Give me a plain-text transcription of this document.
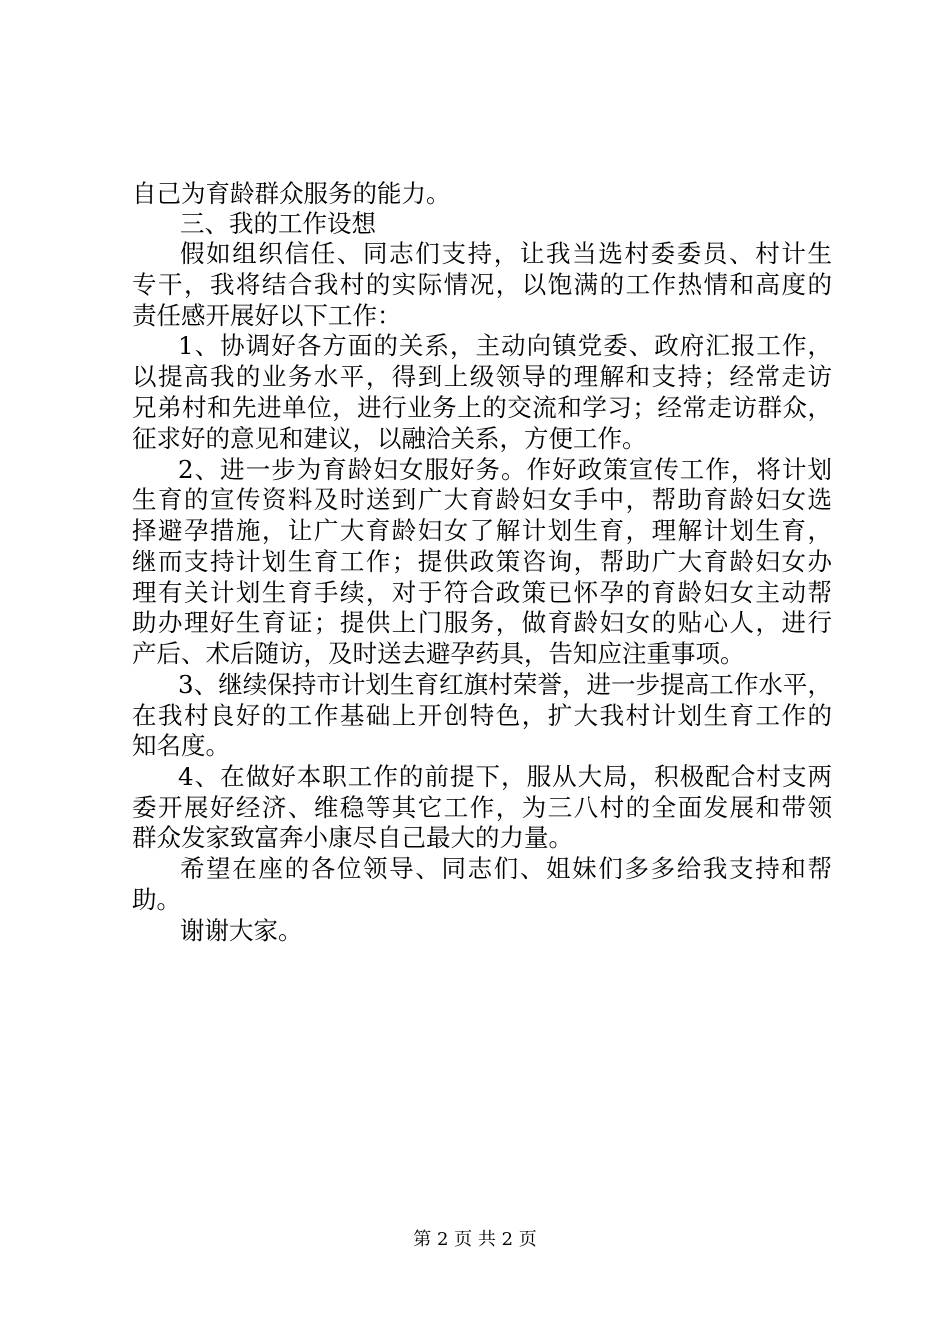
自己为育龄群众服务的能力。
三、我的工作设想
假如组织信任、同志们支持，让我当选村委委员、村计生
专干，我将结合我村的实际情况，以饱满的工作热情和高度的
责任感开展好以下工作：
1、协调好各方面的关系，主动向镇党委、政府汇报工作，
以提高我的业务水平，得到上级领导的理解和支持；经常走访
兄弟村和先进单位，进行业务上的交流和学习；经常走访群众，
征求好的意见和建议，以融洽关系，方便工作。
2、进一步为育龄妇女服好务。作好政策宣传工作，将计划
生育的宣传资料及时送到广大育龄妇女手中，帮助育龄妇女选
择避孕措施，让广大育龄妇女了解计划生育，理解计划生育，
继而支持计划生育工作；提供政策咨询，帮助广大育龄妇女办
理有关计划生育手续，对于符合政策已怀孕的育龄妇女主动帮
助办理好生育证；提供上门服务，做育龄妇女的贴心人，进行
产后、术后随访，及时送去避孕药具，告知应注重事项。
3、继续保持市计划生育红旗村荣誉，进一步提高工作水平，
在我村良好的工作基础上开创特色，扩大我村计划生育工作的
知名度。
4、在做好本职工作的前提下，服从大局，积极配合村支两
委开展好经济、维稳等其它工作，为三八村的全面发展和带领
群众发家致富奔小康尽自己最大的力量。
希望在座的各位领导、同志们、姐妹们多多给我支持和帮
助。
谢谢大家。
第 2 页 共 2 页
